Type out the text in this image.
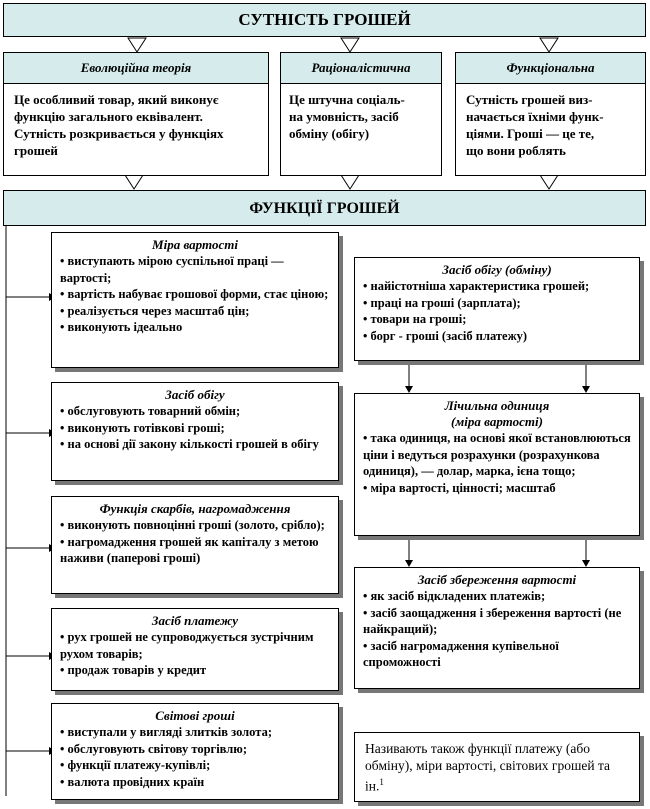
СУТНІСТЬ ГРОШЕЙ
Еволюційна теорія
Це особливий товар, який виконує
функцію загального еквівалент.
Сутність розкривається у функціях
грошей
Раціоналістична
Це штучна соціаль-
на умовність, засіб
обміну (обігу)
Функціональна
Сутність грошей виз-
начається їхніми функ-
ціями. Гроші — це те,
що вони роблять
ФУНКЦІЇ ГРОШЕЙ
Міра вартості
• виступають мірою суспільної праці — вартості;
• вартість набуває грошової форми, стає ціною;
• реалізується через масштаб цін;
• виконують ідеально
Засіб обігу
• обслуговують товарний обмін;
• виконують готівкові гроші;
• на основі дії закону кількості грошей в обігу
Функція скарбів, нагромадження
• виконують повноцінні гроші (золото, срібло);
• нагромадження грошей як капіталу з метою наживи (паперові гроші)
Засіб платежу
• рух грошей не супроводжується зустрічним рухом товарів;
• продаж товарів у кредит
Світові гроші
• виступали у вигляді злитків золота;
• обслуговують світову торгівлю;
• функції платежу-купівлі;
• валюта провідних країн
Засіб обігу (обміну)
• найістотніша характеристика грошей;
• праці на гроші (зарплата);
• товари на гроші;
• борг - гроші (засіб платежу)
Лічильна одиниця
(міра вартості)
• така одиниця, на основі якої встановлюються ціни і ведуться розрахунки (розрахункова одиниця), — долар, марка, ієна тощо;
• міра вартості, цінності; масштаб
Засіб збереження вартості
• як засіб відкладених платежів;
• засіб заощадження і збереження вартості (не найкращий);
• засіб нагромадження купівельної спроможності
Називають також функції платежу (або обміну), міри вартості, світових грошей та ін.$^1$
